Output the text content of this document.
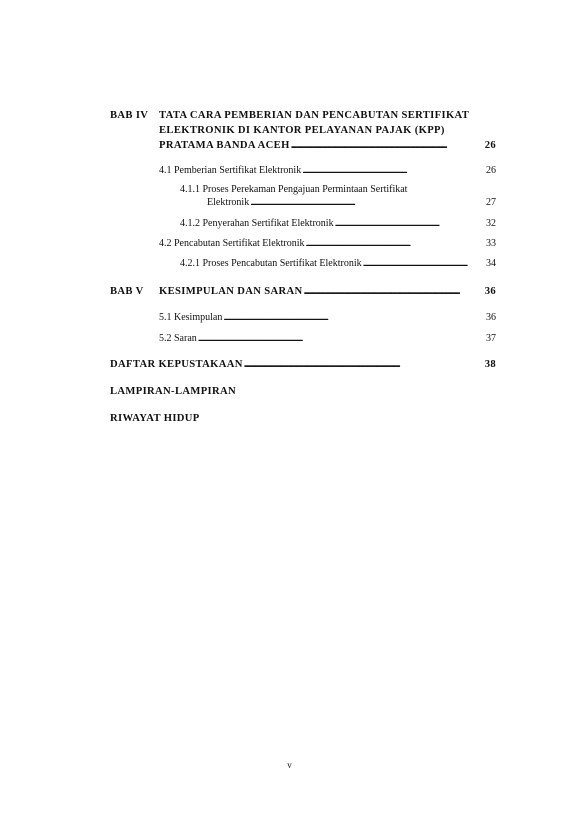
BAB IV TATA CARA PEMBERIAN DAN PENCABUTAN SERTIFIKAT
ELEKTRONIK DI KANTOR PELAYANAN PAJAK (KPP)
PRATAMA BANDA ACEH . . .	26
4.1 Pemberian Sertifikat Elektronik . . .	26
4.1.1 Proses Perekaman Pengajuan Permintaan Sertifikat
Elektronik . . .	27
4.1.2 Penyerahan Sertifikat Elektronik . . .	32
4.2 Pencabutan Sertifikat Elektronik . . .	33
4.2.1 Proses Pencabutan Sertifikat Elektronik . . .	34
BAB V KESIMPULAN DAN SARAN . . .	36
5.1 Kesimpulan . . .	36
5.2 Saran . . .	37
DAFTAR KEPUSTAKAAN . . .	38
LAMPIRAN-LAMPIRAN
RIWAYAT HIDUP
v
